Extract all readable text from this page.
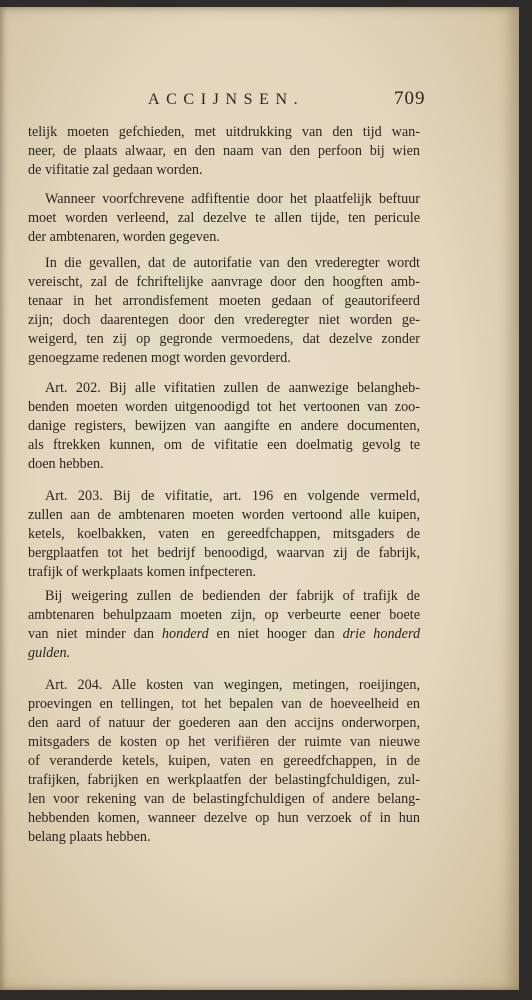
ACCIJNSEN.	709
telijk moeten gefchieden, met uitdrukking van den tijd wan-
neer, de plaats alwaar, en den naam van den perfoon bij wien
de vifitatie zal gedaan worden.
Wanneer voorfchrevene adfiftentie door het plaatfelijk beftuur
moet worden verleend, zal dezelve te allen tijde, ten pericule
der ambtenaren, worden gegeven.
In die gevallen, dat de autorifatie van den vrederegter wordt
vereischt, zal de fchriftelijke aanvrage door den hoogften amb-
tenaar in het arrondisfement moeten gedaan of geautorifeerd
zijn; doch daarentegen door den vrederegter niet worden ge-
weigerd, ten zij op gegronde vermoedens, dat dezelve zonder
genoegzame redenen mogt worden gevorderd.
Art. 202. Bij alle vifitatien zullen de aanwezige belangheb-
benden moeten worden uitgenoodigd tot het vertoonen van zoo-
danige registers, bewijzen van aangifte en andere documenten,
als ftrekken kunnen, om de vifitatie een doelmatig gevolg te
doen hebben.
Art. 203. Bij de vifitatie, art. 196 en volgende vermeld,
zullen aan de ambtenaren moeten worden vertoond alle kuipen,
ketels, koelbakken, vaten en gereedfchappen, mitsgaders de
bergplaatfen tot het bedrijf benoodigd, waarvan zij de fabrijk,
trafijk of werkplaats komen infpecteren.
Bij weigering zullen de bedienden der fabrijk of trafijk de
ambtenaren behulpzaam moeten zijn, op verbeurte eener boete
van niet minder dan honderd en niet hooger dan drie honderd
gulden.
Art. 204. Alle kosten van wegingen, metingen, roeijingen,
proevingen en tellingen, tot het bepalen van de hoeveelheid en
den aard of natuur der goederen aan den accijns onderworpen,
mitsgaders de kosten op het verifiëren der ruimte van nieuwe
of veranderde ketels, kuipen, vaten en gereedfchappen, in de
trafijken, fabrijken en werkplaatfen der belastingfchuldigen, zul-
len voor rekening van de belastingfchuldigen of andere belang-
hebbenden komen, wanneer dezelve op hun verzoek of in hun
belang plaats hebben.
